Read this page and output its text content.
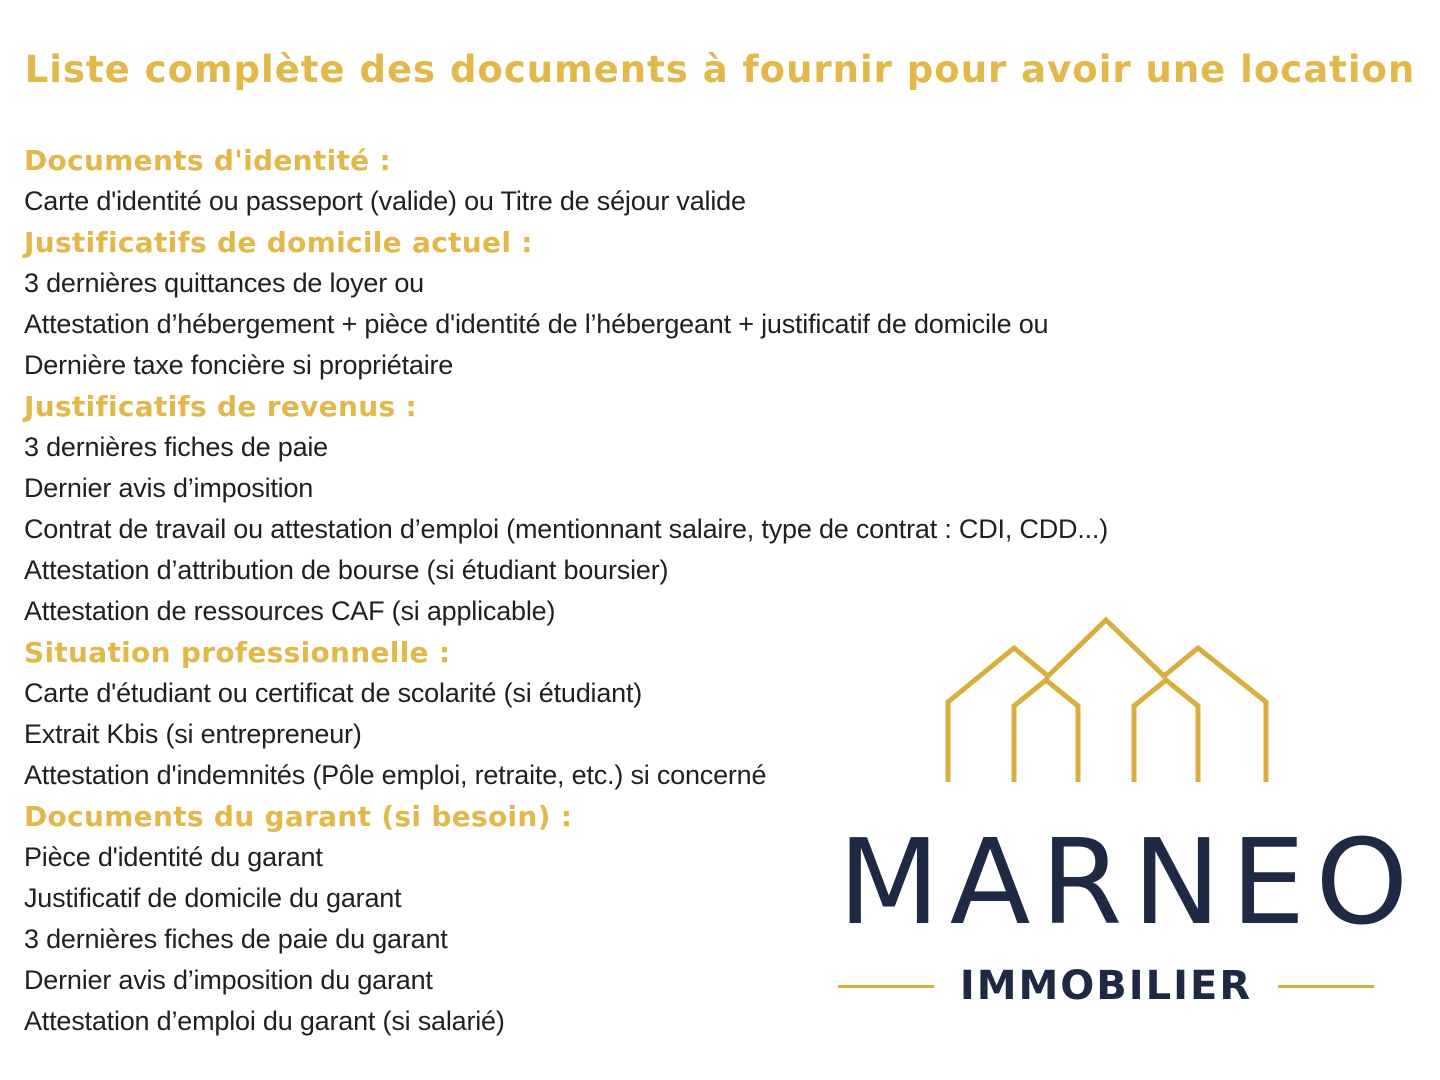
Liste complète des documents à fournir pour avoir une location
Documents d'identité :
Carte d'identité ou passeport (valide) ou Titre de séjour valide
Justificatifs de domicile actuel :
3 dernières quittances de loyer ou
Attestation d’hébergement + pièce d'identité de l’hébergeant + justificatif de domicile ou
Dernière taxe foncière si propriétaire
Justificatifs de revenus :
3 dernières fiches de paie
Dernier avis d’imposition
Contrat de travail ou attestation d’emploi (mentionnant salaire, type de contrat : CDI, CDD...)
Attestation d’attribution de bourse (si étudiant boursier)
Attestation de ressources CAF (si applicable)
Situation professionnelle :
Carte d'étudiant ou certificat de scolarité (si étudiant)
Extrait Kbis (si entrepreneur)
Attestation d'indemnités (Pôle emploi, retraite, etc.) si concerné
Documents du garant (si besoin) :
Pièce d'identité du garant
Justificatif de domicile du garant
3 dernières fiches de paie du garant
Dernier avis d’imposition du garant
Attestation d’emploi du garant (si salarié)
MARNEO
IMMOBILIER
